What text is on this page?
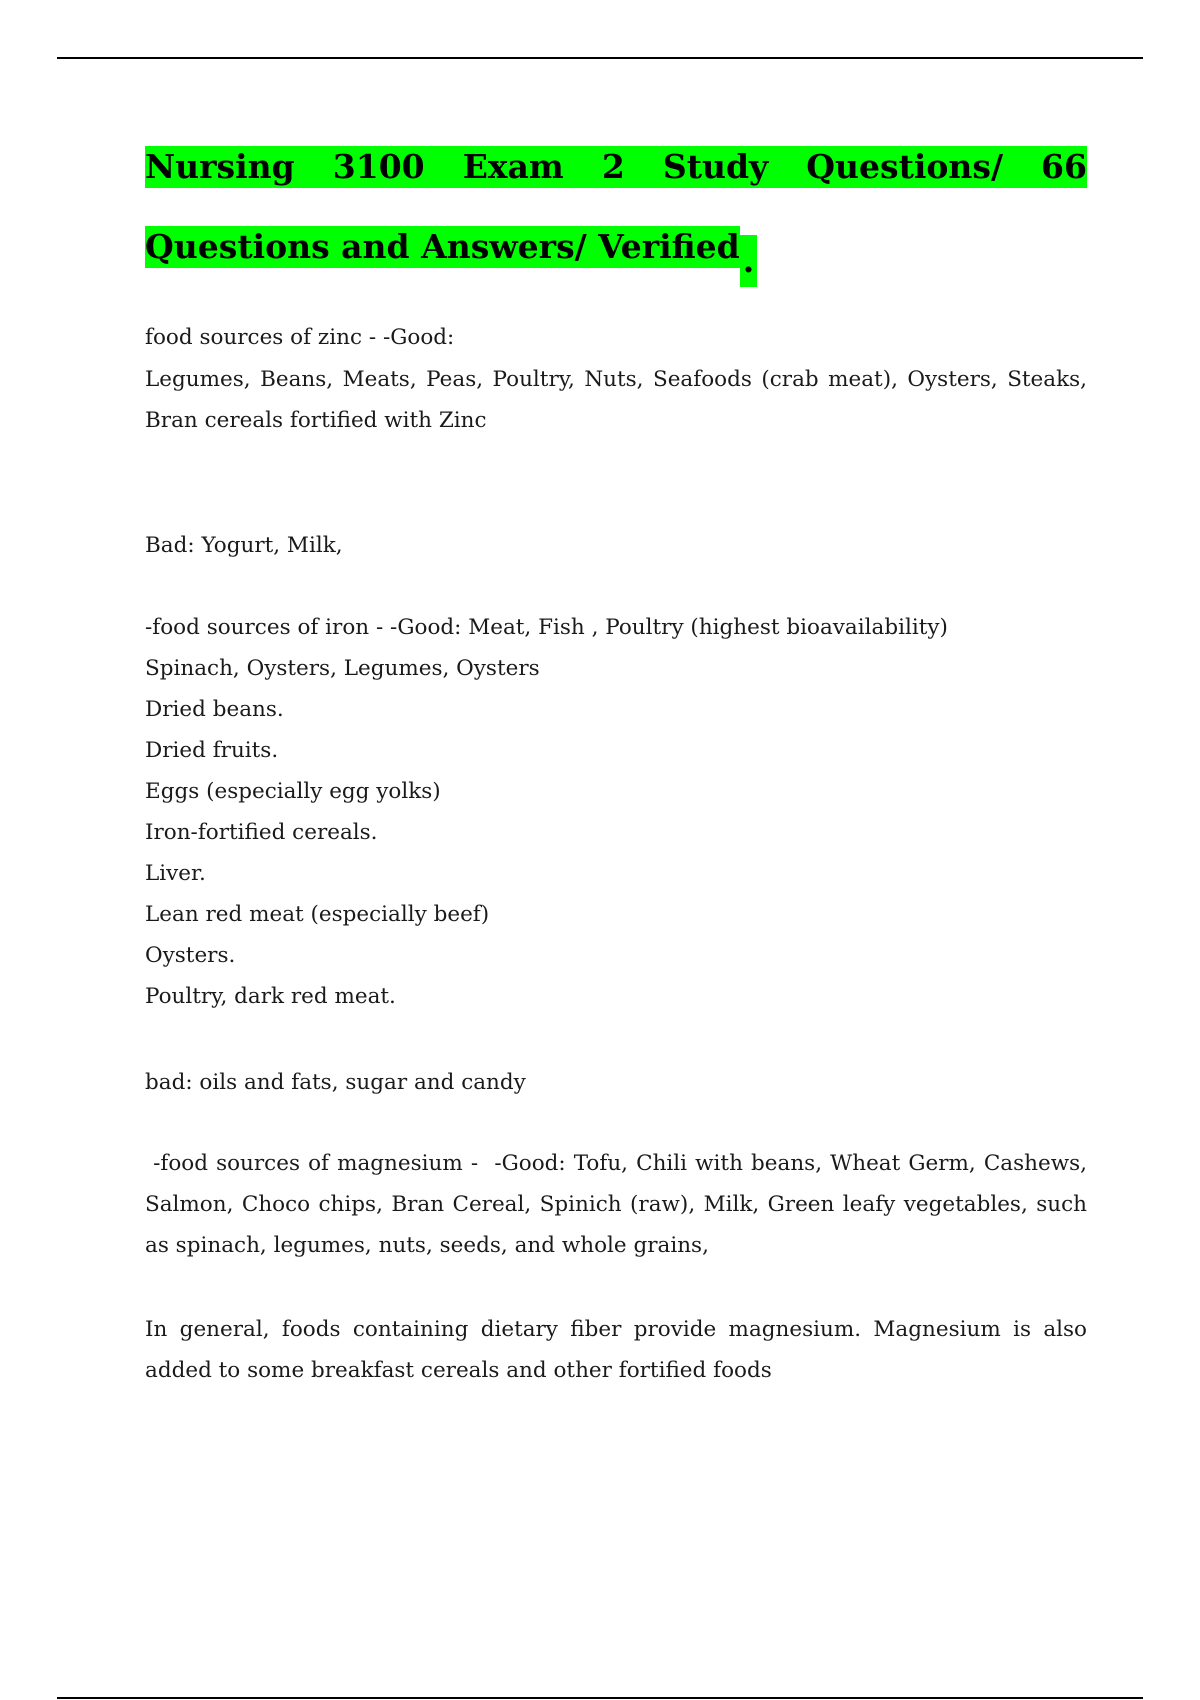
Nursing 3100 Exam 2 Study Questions/ 66
Questions and Answers/ Verified.

food sources of zinc - -Good:

Legumes, Beans, Meats, Peas, Poultry, Nuts, Seafoods (crab meat), Oysters, Steaks, Bran cereals fortified with Zinc

Bad: Yogurt, Milk,

-food sources of iron - -Good: Meat, Fish , Poultry (highest bioavailability)
Spinach, Oysters, Legumes, Oysters
Dried beans.
Dried fruits.
Eggs (especially egg yolks)
Iron-fortified cereals.
Liver.
Lean red meat (especially beef)
Oysters.
Poultry, dark red meat.

bad: oils and fats, sugar and candy

-food sources of magnesium -  -Good: Tofu, Chili with beans, Wheat Germ, Cashews, Salmon, Choco chips, Bran Cereal, Spinich (raw), Milk, Green leafy vegetables, such as spinach, legumes, nuts, seeds, and whole grains,

In general, foods containing dietary fiber provide magnesium. Magnesium is also added to some breakfast cereals and other fortified foods
